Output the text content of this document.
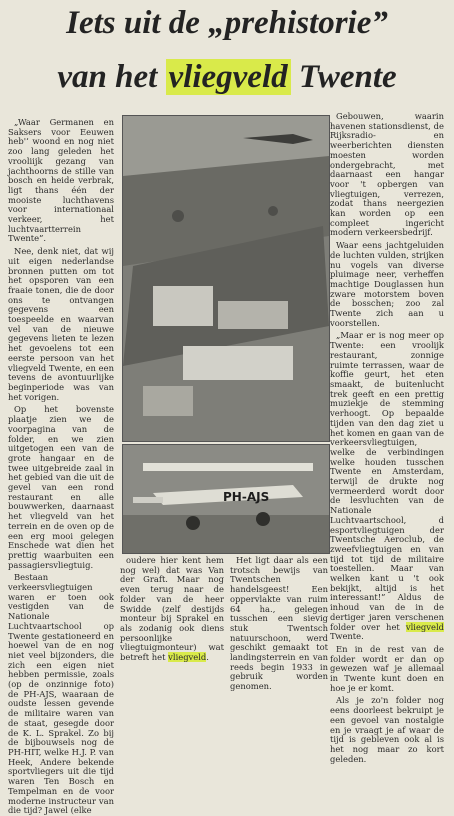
Iets uit de „prehistorie”
van het vliegveld Twente

„Waar Germanen en Saksers voor Eeuwen heb'‘ woond en nog niet zoo lang geleden het vrooliijk gezang van jachthoorns de stille van bosch en heide verbrak, ligt thans één der mooiste luchthavens voor internationaal verkeer, het luchtvaartterrein Twente”.

Nee, denk niet, dat wij uit eigen nederlandse bronnen putten om tot het opsporen van een fraaie tonen, die de door ons te ontvangen gegevens een toespeelde en waarvan vel van de nieuwe gegevens lieten te lezen het gevoelens tot een eerste persoon van het vliegveld Twente, en een tevens de avontuurlijke beginperiode was van het vorigen.

Op het bovenste plaatje zien we de voorpagina van de folder, en we zien uitgetogen een van de grote hangaar en de twee uitgebreide zaal in het gebied van die uit de gevel van een rond restaurant en alle bouwwerken, daarnaast het vliegveld van het terrein en de oven op de een erg mooi gelegen Enschede wat dien het prettig waarbuiten een passagiersvliegtuig.

Bestaan verkeersvliegtuigen waren er toen ook vestigden van de Nationale Luchtvaartschool op Twente gestationeerd en hoewel van de en nog niet veel bijzonders, die zich een eigen niet hebben permissie, zoals (op de onzinnige foto) de PH-AJS, waaraan de oudste lessen gevende de militaire waren van de staat, gesegde door de K. L. Sprakel. Zo bij de bijbouwsels nog de PH-HIT, welke H.J. P. van Heek, Andere bekende sportvliegers uit die tijd waren Ten Bosch en Tempelman en de voor moderne instructeur van die tijd? Jawel (elke

PH-AJS

oudere hier kent hem nog wel) dat was Van der Graft. Maar nog even terug naar de folder van de heer Swidde (zelf destijds monteur bij Sprakel en als zodanig ook diens persoonlijke vliegtuigmonteur) wat betreft het vliegveld.

Het ligt daar als een trotsch bewijs van Twentschen handelsgeest! Een oppervlakte van ruim 64 ha., gelegen tusschen een sievig stuk Twentsch natuurschoon, werd geschikt gemaakt tot landingsterrein en van reeds begin 1933 in gebruik worden genomen.

Gebouwen, waarin havenen stationsdienst, de Rijksradio- en weerberichten diensten moesten worden ondergebracht, met daarnaast een hangar voor 't opbergen van vliegtuigen, verrezen, zodat thans neergezien kan worden op een compleet ingericht modern verkeersbedrijf.

Waar eens jachtgeluiden de luchten vulden, strijken nu vogels van diverse pluimage neer, verheffen machtige Douglassen hun zware motorstem boven de bosschen; zoo zal Twente zich aan u voorstellen.

„Maar er is nog meer op Twente: een vroolijk restaurant, zonnige ruimte terrassen, waar de koffie geurt, het eten smaakt, de buitenlucht trek geeft en een prettig muziekje de stemming verhoogt. Op bepaalde tijden van den dag ziet u het komen en gaan van de verkeersvliegtuigen, welke de verbindingen welke houden tusschen Twente en Amsterdam, terwijl de drukte nog vermeerderd wordt door de lesvluchten van de Nationale Luchtvaartschool, d esportvliegtuigen der Twentsche Aeroclub, de zweefvliegtuigen en van tijd tot tijd de militaire toestellen. Maar van welken kant u 't ook bekijkt, altijd is het interessant!” Aldus de inhoud van de in de dertiger jaren verschenen folder over het vliegveld Twente.

En in de rest van de folder wordt er dan op gewezen waf je allemaal in Twente kunt doen en hoe je er komt.

Als je zo'n folder nog eens doorleest bekruipt je een gevoel van nostalgie en je vraagt je af waar de tijd is gebleven ook al is het nog maar zo kort geleden.
